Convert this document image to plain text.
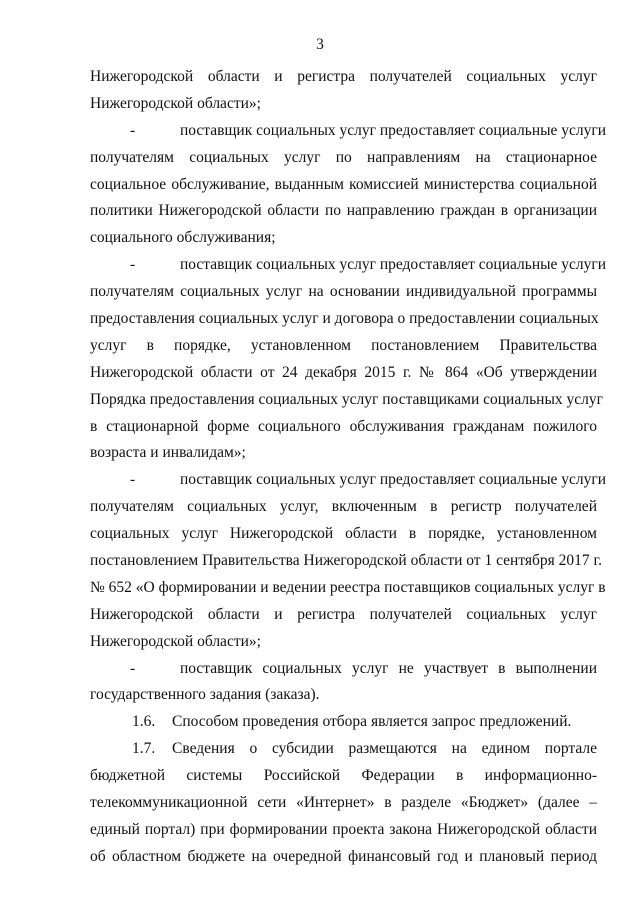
3
Нижегородской области и регистра получателей социальных услуг
Нижегородской области»;
-	поставщик социальных услуг предоставляет социальные услуги
получателям социальных услуг по направлениям на стационарное
социальное обслуживание, выданным комиссией министерства социальной
политики Нижегородской области по направлению граждан в организации
социального обслуживания;
-	поставщик социальных услуг предоставляет социальные услуги
получателям социальных услуг на основании индивидуальной программы
предоставления социальных услуг и договора о предоставлении социальных
услуг в порядке, установленном постановлением Правительства
Нижегородской области от 24 декабря 2015 г. № 864 «Об утверждении
Порядка предоставления социальных услуг поставщиками социальных услуг
в стационарной форме социального обслуживания гражданам пожилого
возраста и инвалидам»;
-	поставщик социальных услуг предоставляет социальные услуги
получателям социальных услуг, включенным в регистр получателей
социальных услуг Нижегородской области в порядке, установленном
постановлением Правительства Нижегородской области от 1 сентября 2017 г.
№ 652 «О формировании и ведении реестра поставщиков социальных услуг в
Нижегородской области и регистра получателей социальных услуг
Нижегородской области»;
-	поставщик социальных услуг не участвует в выполнении
государственного задания (заказа).
1.6. Способом проведения отбора является запрос предложений.
1.7. Сведения о субсидии размещаются на едином портале
бюджетной системы Российской Федерации в информационно-
телекоммуникационной сети «Интернет» в разделе «Бюджет» (далее –
единый портал) при формировании проекта закона Нижегородской области
об областном бюджете на очередной финансовый год и плановый период
